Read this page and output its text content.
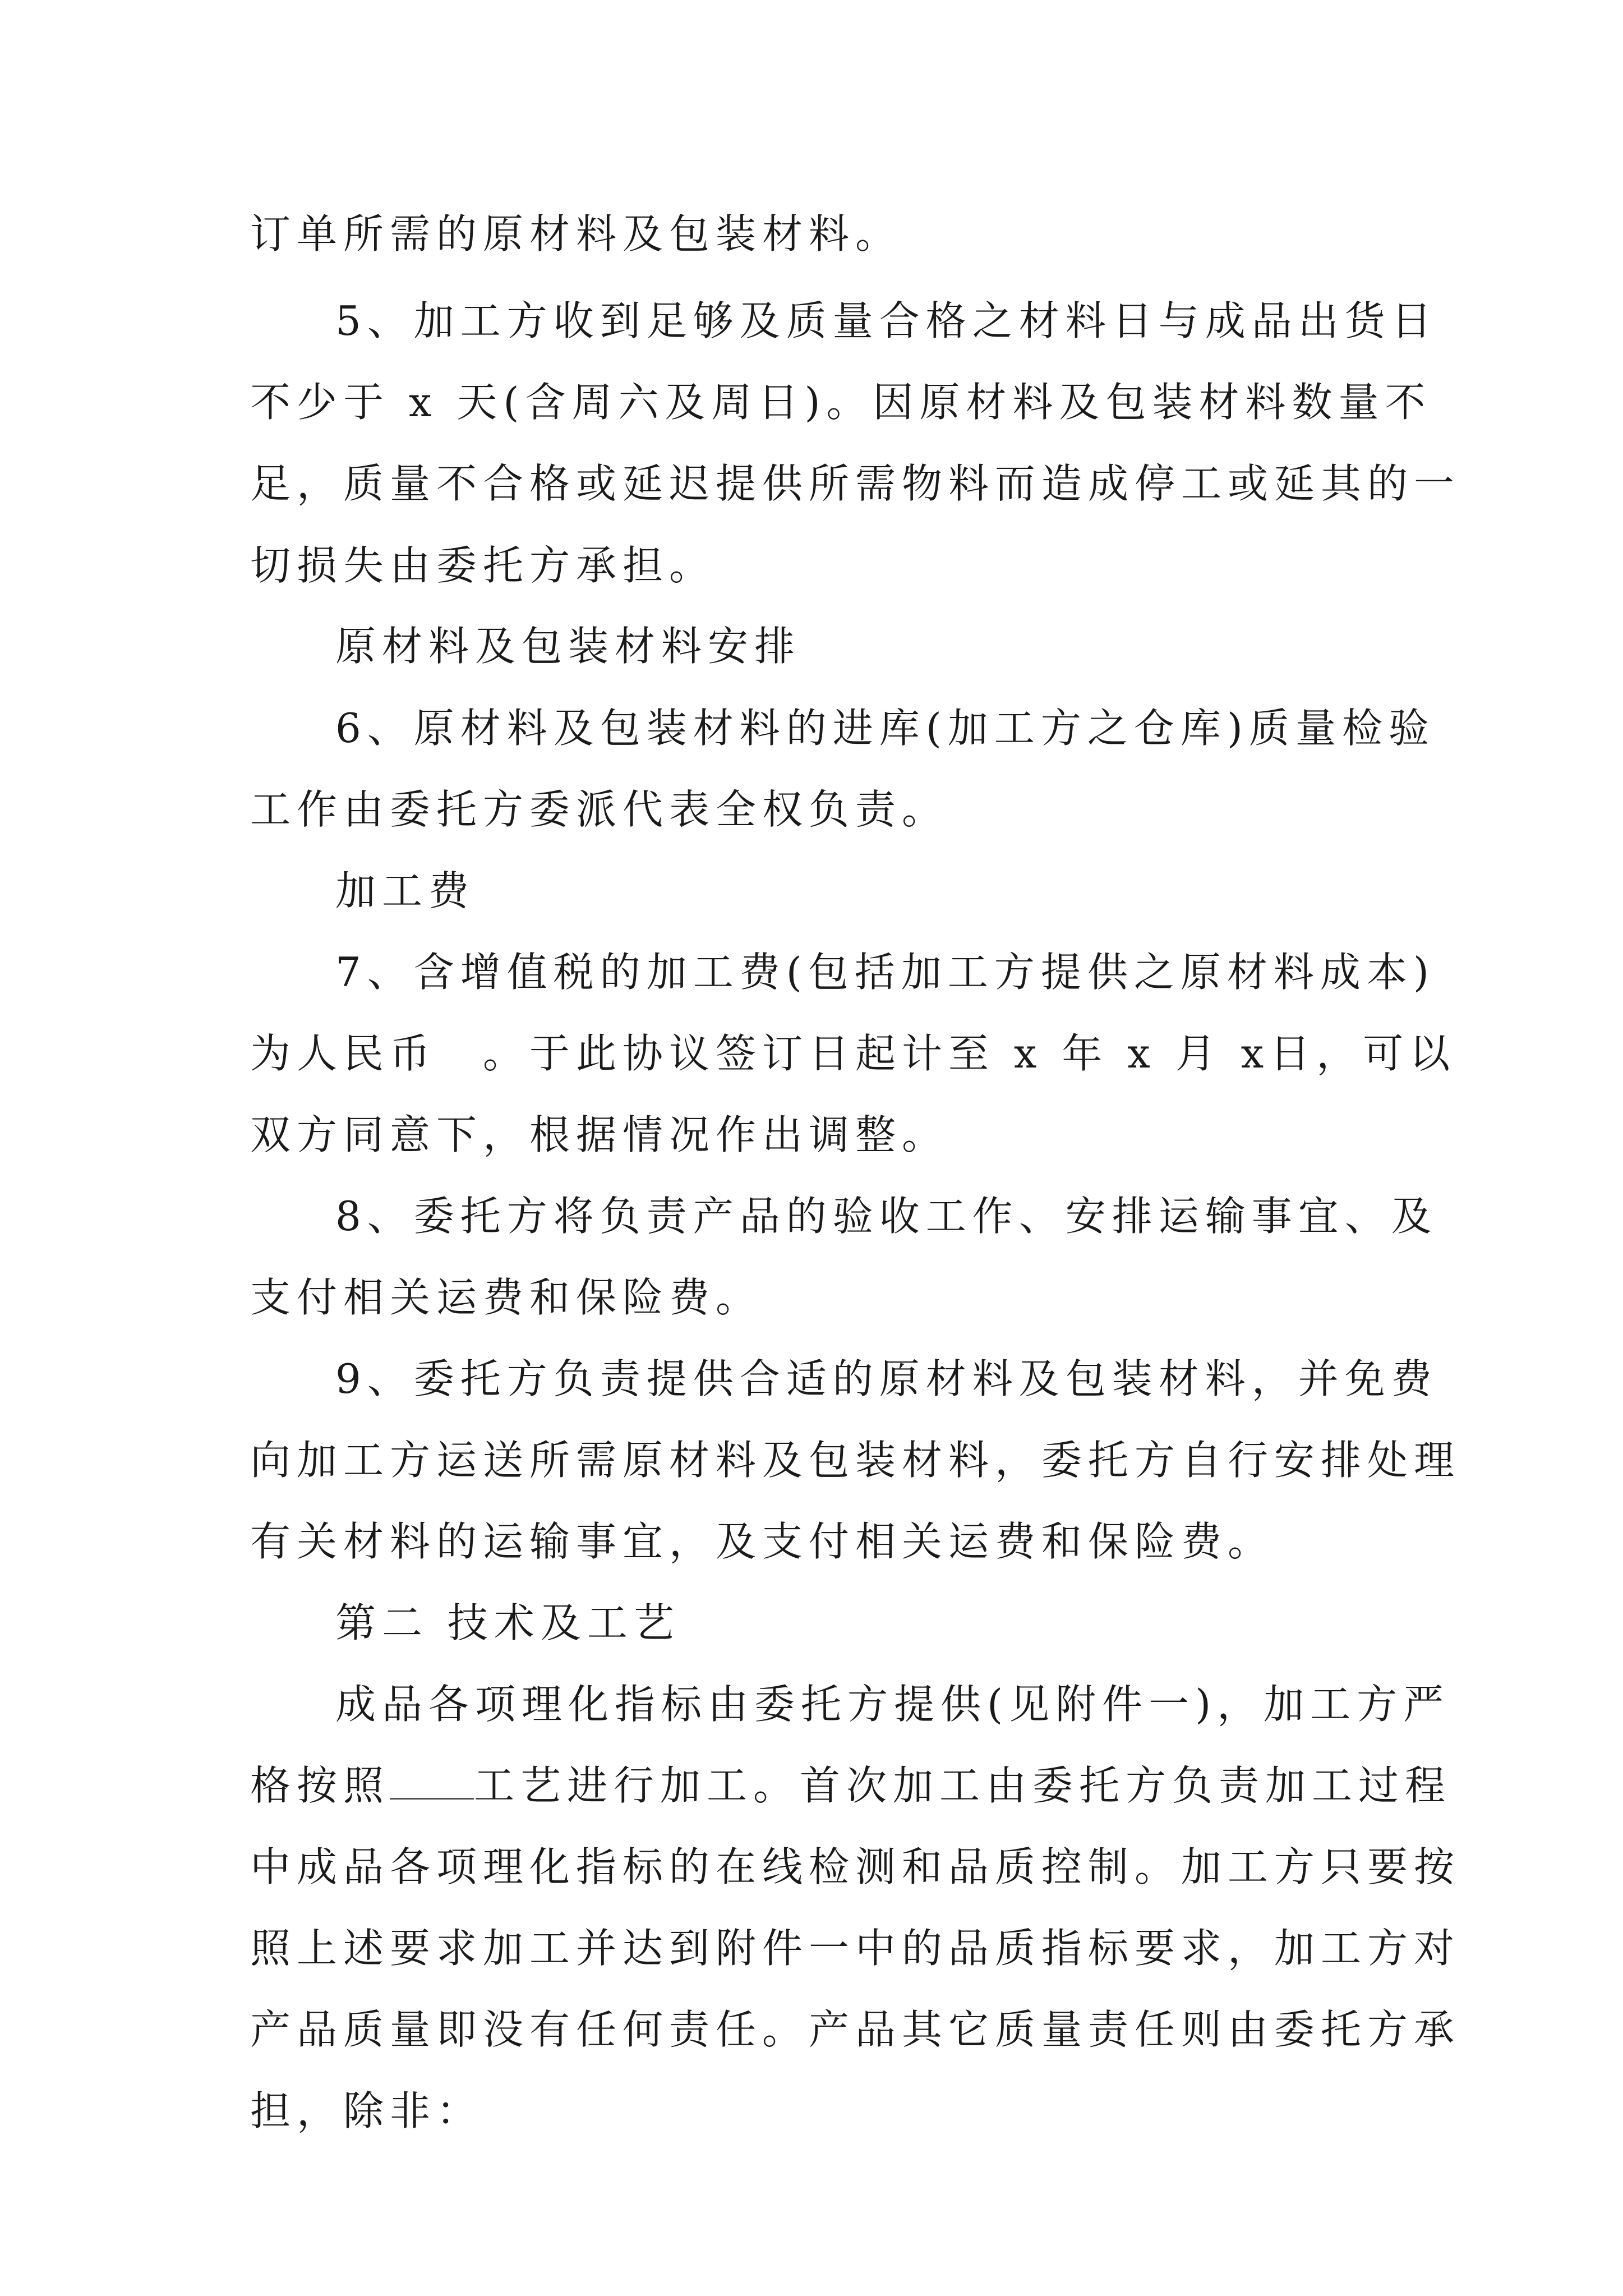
订单所需的原材料及包装材料。
5、加工方收到足够及质量合格之材料日与成品出货日
不少于 x 天(含周六及周日)。因原材料及包装材料数量不
足，质量不合格或延迟提供所需物料而造成停工或延其的一
切损失由委托方承担。
原材料及包装材料安排
6、原材料及包装材料的进库(加工方之仓库)质量检验
工作由委托方委派代表全权负责。
加工费
7、含增值税的加工费(包括加工方提供之原材料成本)
为人民币　。于此协议签订日起计至 x 年 x 月 x日，可以
双方同意下，根据情况作出调整。
8、委托方将负责产品的验收工作、安排运输事宜、及
支付相关运费和保险费。
9、委托方负责提供合适的原材料及包装材料，并免费
向加工方运送所需原材料及包装材料，委托方自行安排处理
有关材料的运输事宜，及支付相关运费和保险费。
第二 技术及工艺
成品各项理化指标由委托方提供(见附件一)，加工方严
格按照 工艺进行加工。首次加工由委托方负责加工过程
中成品各项理化指标的在线检测和品质控制。加工方只要按
照上述要求加工并达到附件一中的品质指标要求，加工方对
产品质量即没有任何责任。产品其它质量责任则由委托方承
担，除非：
